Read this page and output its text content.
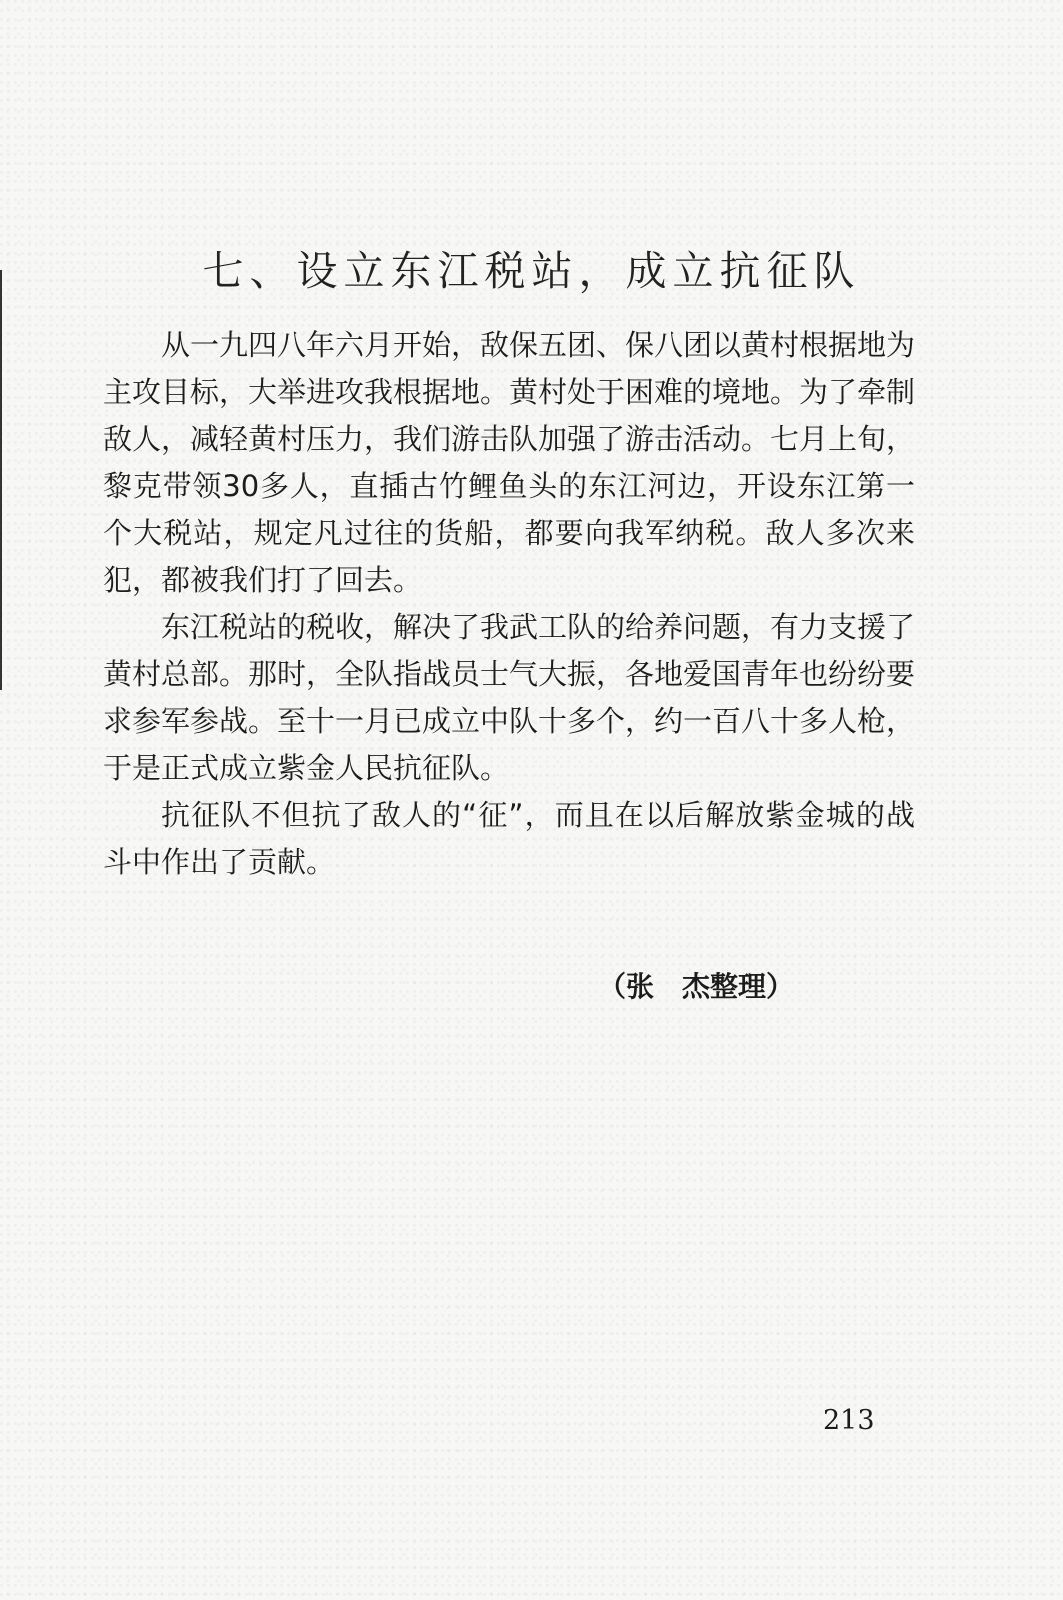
七、设立东江税站，成立抗征队

从一九四八年六月开始，敌保五团、保八团以黄村根据地为主攻目标，大举进攻我根据地。黄村处于困难的境地。为了牵制敌人，减轻黄村压力，我们游击队加强了游击活动。七月上旬，黎克带领30多人，直插古竹鲤鱼头的东江河边，开设东江第一个大税站，规定凡过往的货船，都要向我军纳税。敌人多次来犯，都被我们打了回去。

东江税站的税收，解决了我武工队的给养问题，有力支援了黄村总部。那时，全队指战员士气大振，各地爱国青年也纷纷要求参军参战。至十一月已成立中队十多个，约一百八十多人枪，于是正式成立紫金人民抗征队。

抗征队不但抗了敌人的“征”，而且在以后解放紫金城的战斗中作出了贡献。

（张　杰整理）
213
